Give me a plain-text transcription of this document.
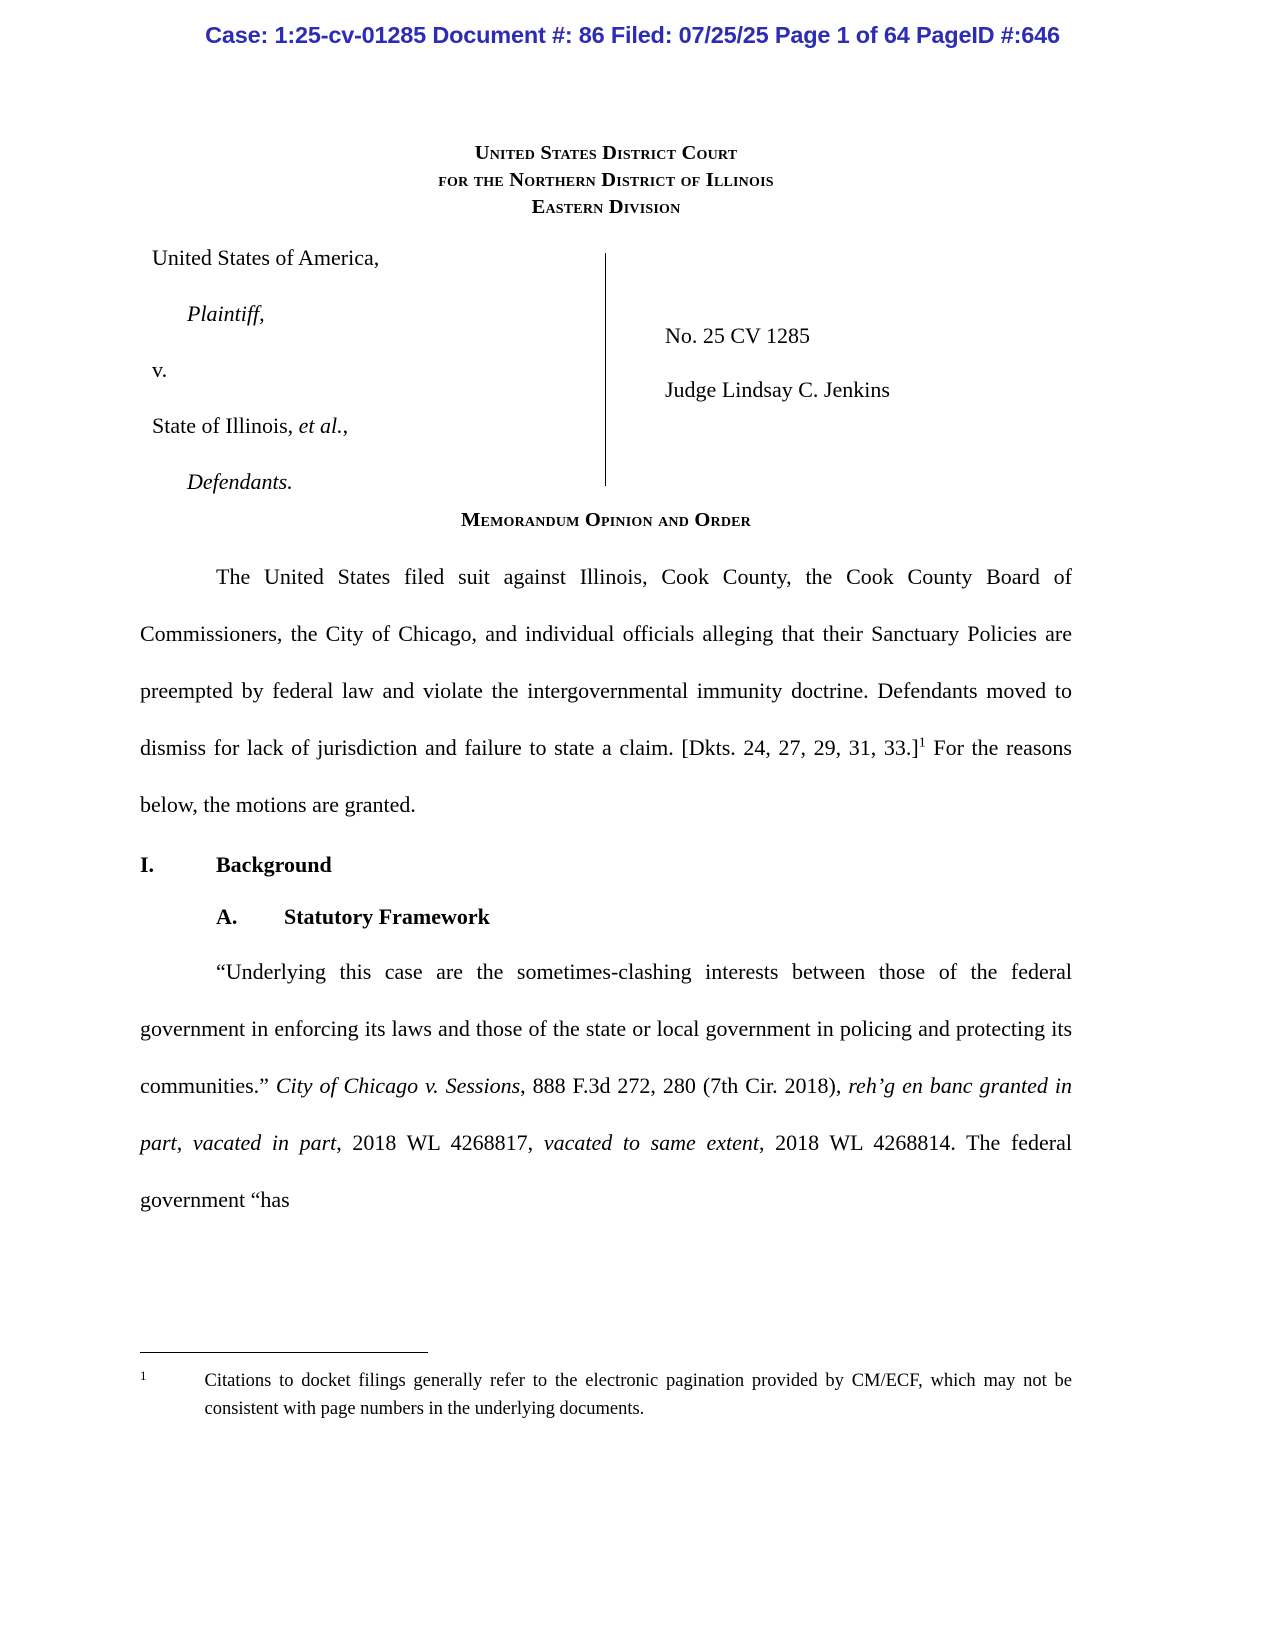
Case: 1:25-cv-01285 Document #: 86 Filed: 07/25/25 Page 1 of 64 PageID #:646
United States District Court
for the Northern District of Illinois
Eastern Division

United States of America,

Plaintiff,

v.

State of Illinois, et al.,

Defendants.

No. 25 CV 1285

Judge Lindsay C. Jenkins

Memorandum Opinion and Order

The United States filed suit against Illinois, Cook County, the Cook County Board of Commissioners, the City of Chicago, and individual officials alleging that their Sanctuary Policies are preempted by federal law and violate the intergovernmental immunity doctrine. Defendants moved to dismiss for lack of jurisdiction and failure to state a claim. [Dkts. 24, 27, 29, 31, 33.]$^1$ For the reasons below, the motions are granted.

I.	Background
A.	Statutory Framework

“Underlying this case are the sometimes-clashing interests between those of the federal government in enforcing its laws and those of the state or local government in policing and protecting its communities.” City of Chicago v. Sessions, 888 F.3d 272, 280 (7th Cir. 2018), reh’g en banc granted in part, vacated in part, 2018 WL 4268817, vacated to same extent, 2018 WL 4268814. The federal government “has

1	Citations to docket filings generally refer to the electronic pagination provided by CM/ECF, which may not be consistent with page numbers in the underlying documents.
